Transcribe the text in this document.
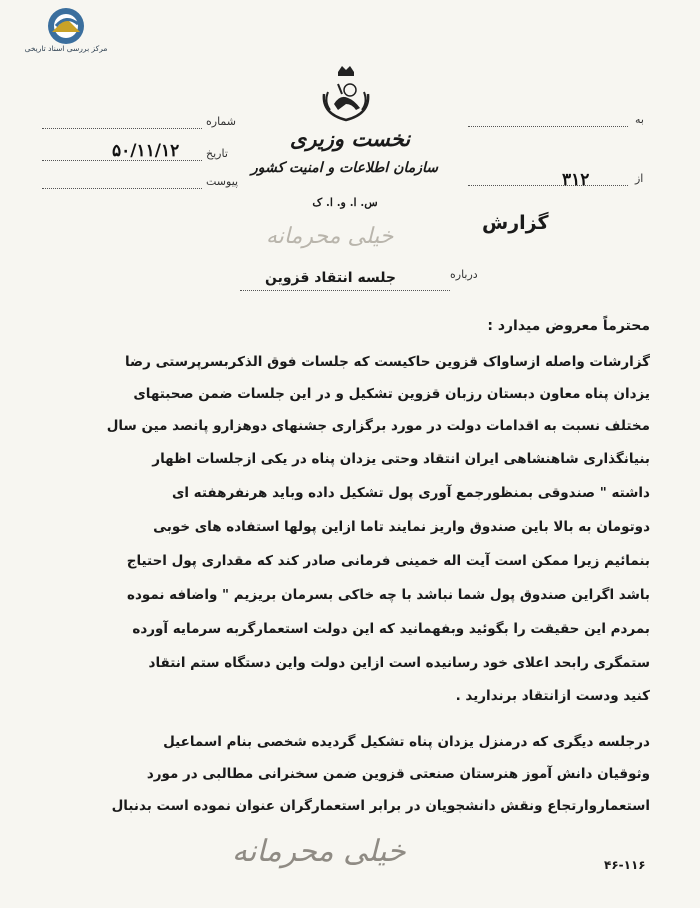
مرکز بررسی اسناد تاریخی
به
از
۳۱۲
شماره
تاریخ
۵۰/۱۱/۱۲
پیوست
نخست وزیری
سازمان اطلاعات و امنیت کشور
س. ا. و. ا. ک
خیلی محرمانه
گزارش
درباره
جلسه انتقاد قزوین
محترماً معروض میدارد :
گزارشات واصله ازساواک قزوین حاکیست که جلسات فوق الذکربسرپرستی رضا
یزدان پناه معاون دبستان رزبان قزوین تشکیل و در این جلسات ضمن صحبتهای
مختلف نسبت به اقدامات دولت در مورد برگزاری جشنهای دوهزارو پانصد مین سال
بنیانگذاری شاهنشاهی ایران انتقاد وحتی یزدان پناه در یکی ازجلسات اظهار
داشته " صندوقی بمنظورجمع آوری پول تشکیل داده وباید هرنفرهفته ای
دوتومان به بالا باین صندوق واریز نمایند تاما ازاین پولها استفاده های خوبی
بنمائیم زیرا ممکن است آیت اله خمینی فرمانی صادر کند که مقداری پول احتیاج
باشد اگراین صندوق پول شما نباشد با چه خاکی بسرمان بریزیم " واضافه نموده
بمردم این حقیقت را بگوئید وبفهمانید که این دولت استعمارگربه سرمایه آورده
ستمگری رابحد اعلای خود رسانیده است ازاین دولت واین دستگاه ستم انتقاد
کنید ودست ازانتقاد برندارید .
درجلسه دیگری که درمنزل یزدان پناه تشکیل گردیده شخصی بنام اسماعیل
وثوقیان دانش آموز هنرستان صنعتی قزوین ضمن سخنرانی مطالبی در مورد
استعماروارتجاع ونقش دانشجویان در برابر استعمارگران عنوان نموده است بدنبال
خیلی محرمانه	۴۶-۱۱۶
